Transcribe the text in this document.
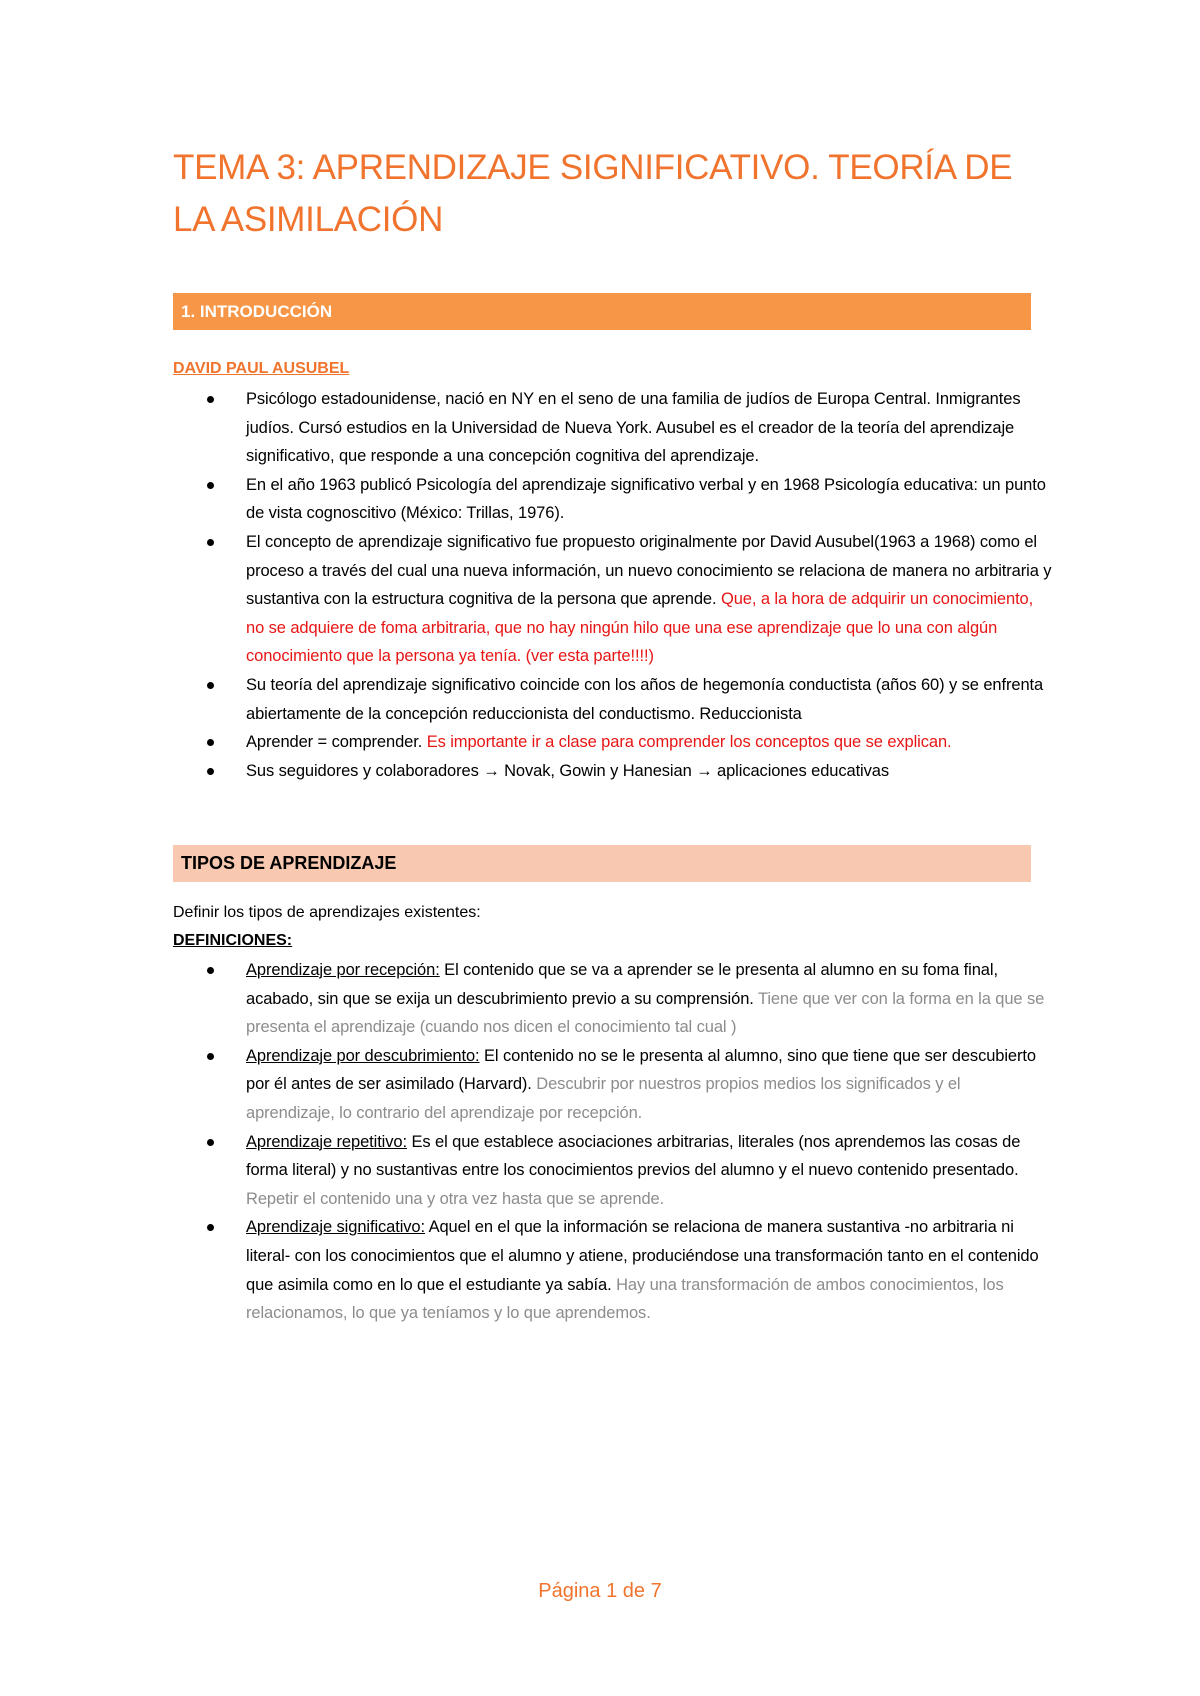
TEMA 3: APRENDIZAJE SIGNIFICATIVO. TEORÍA DE LA ASIMILACIÓN
1. INTRODUCCIÓN

DAVID PAUL AUSUBEL

Psicólogo estadounidense, nació en NY en el seno de una familia de judíos de Europa Central. Inmigrantes judíos. Cursó estudios en la Universidad de Nueva York. Ausubel es el creador de la teoría del aprendizaje significativo, que responde a una concepción cognitiva del aprendizaje.
En el año 1963 publicó Psicología del aprendizaje significativo verbal y en 1968 Psicología educativa: un punto de vista cognoscitivo (México: Trillas, 1976).
El concepto de aprendizaje significativo fue propuesto originalmente por David Ausubel(1963 a 1968) como el proceso a través del cual una nueva información, un nuevo conocimiento se relaciona de manera no arbitraria y sustantiva con la estructura cognitiva de la persona que aprende. Que, a la hora de adquirir un conocimiento, no se adquiere de foma arbitraria, que no hay ningún hilo que una ese aprendizaje que lo una con algún conocimiento que la persona ya tenía. (ver esta parte!!!!)
Su teoría del aprendizaje significativo coincide con los años de hegemonía conductista (años 60) y se enfrenta abiertamente de la concepción reduccionista del conductismo. Reduccionista
Aprender = comprender. Es importante ir a clase para comprender los conceptos que se explican.
Sus seguidores y colaboradores → Novak, Gowin y Hanesian → aplicaciones educativas
TIPOS DE APRENDIZAJE
Definir los tipos de aprendizajes existentes:
DEFINICIONES:
Aprendizaje por recepción: El contenido que se va a aprender se le presenta al alumno en su foma final, acabado, sin que se exija un descubrimiento previo a su comprensión. Tiene que ver con la forma en la que se presenta el aprendizaje (cuando nos dicen el conocimiento tal cual )
Aprendizaje por descubrimiento: El contenido no se le presenta al alumno, sino que tiene que ser descubierto por él antes de ser asimilado (Harvard). Descubrir por nuestros propios medios los significados y el aprendizaje, lo contrario del aprendizaje por recepción.
Aprendizaje repetitivo: Es el que establece asociaciones arbitrarias, literales (nos aprendemos las cosas de forma literal) y no sustantivas entre los conocimientos previos del alumno y el nuevo contenido presentado. Repetir el contenido una y otra vez hasta que se aprende.
Aprendizaje significativo: Aquel en el que la información se relaciona de manera sustantiva -no arbitraria ni literal- con los conocimientos que el alumno y atiene, produciéndose una transformación tanto en el contenido que asimila como en lo que el estudiante ya sabía. Hay una transformación de ambos conocimientos, los relacionamos, lo que ya teníamos y lo que aprendemos.
Página 1 de 7
